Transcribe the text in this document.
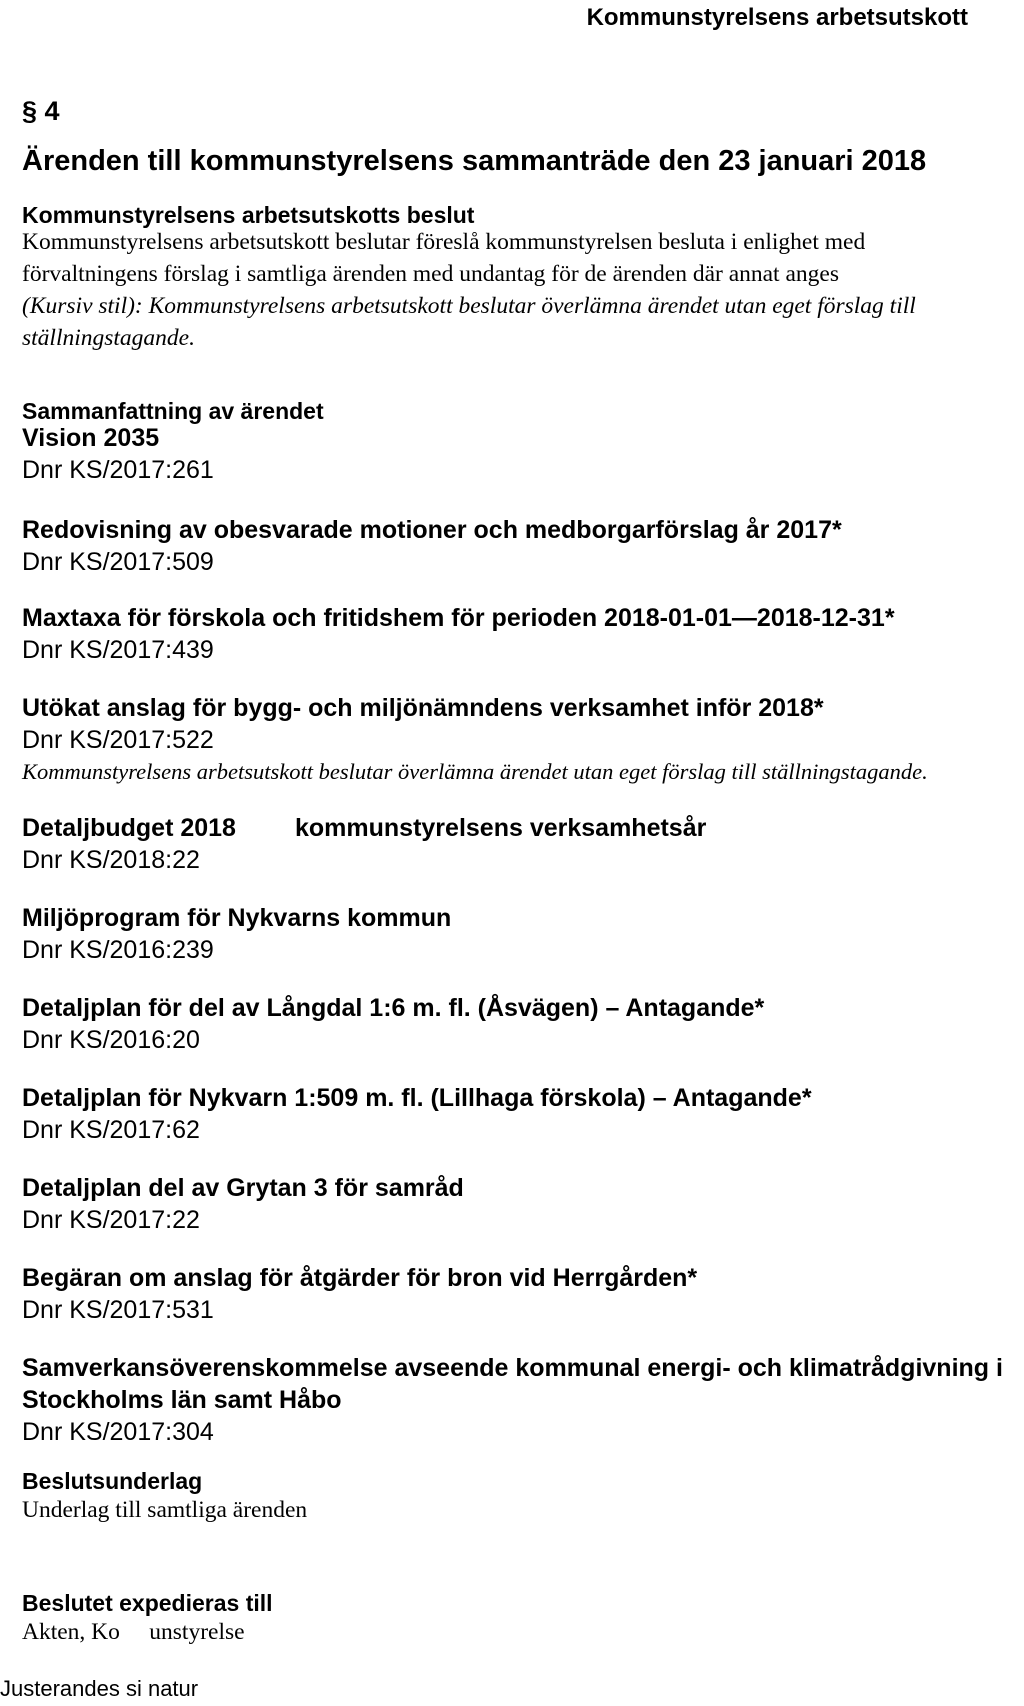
Kommunstyrelsens arbetsutskott
§ 4
Ärenden till kommunstyrelsens sammanträde den 23 januari 2018
Kommunstyrelsens arbetsutskotts beslut
Kommunstyrelsens arbetsutskott beslutar föreslå kommunstyrelsen besluta i enlighet med
förvaltningens förslag i samtliga ärenden med undantag för de ärenden där annat anges
(Kursiv stil): Kommunstyrelsens arbetsutskott beslutar överlämna ärendet utan eget förslag till
ställningstagande.
Sammanfattning av ärendet
Vision 2035
Dnr KS/2017:261
Redovisning av obesvarade motioner och medborgarförslag år 2017*
Dnr KS/2017:509
Maxtaxa för förskola och fritidshem för perioden 2018-01-01—2018-12-31*
Dnr KS/2017:439
Utökat anslag för bygg- och miljönämndens verksamhet inför 2018*
Dnr KS/2017:522
Kommunstyrelsens arbetsutskott beslutar överlämna ärendet utan eget förslag till ställningstagande.
Detaljbudget 2018 kommunstyrelsens verksamhetsår
Dnr KS/2018:22
Miljöprogram för Nykvarns kommun
Dnr KS/2016:239
Detaljplan för del av Långdal 1:6 m. fl. (Åsvägen) – Antagande*
Dnr KS/2016:20
Detaljplan för Nykvarn 1:509 m. fl. (Lillhaga förskola) – Antagande*
Dnr KS/2017:62
Detaljplan del av Grytan 3 för samråd
Dnr KS/2017:22
Begäran om anslag för åtgärder för bron vid Herrgården*
Dnr KS/2017:531
Samverkansöverenskommelse avseende kommunal energi- och klimatrådgivning i
Stockholms län samt Håbo
Dnr KS/2017:304
Beslutsunderlag
Underlag till samtliga ärenden
Beslutet expedieras till
Akten, Ko     unstyrelse
Justerandes si natur
